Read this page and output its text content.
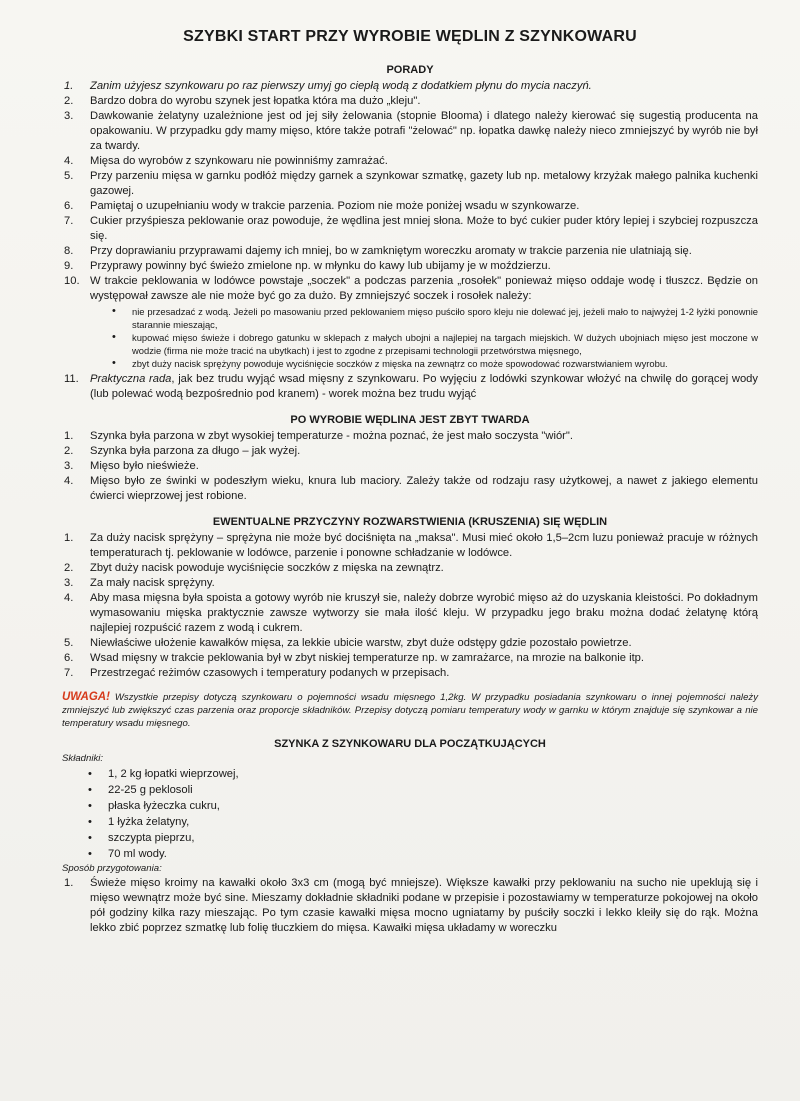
SZYBKI START PRZY WYROBIE WĘDLIN Z SZYNKOWARU
PORADY
1. Zanim użyjesz szynkowaru po raz pierwszy umyj go ciepłą wodą z dodatkiem płynu do mycia naczyń.
2. Bardzo dobra do wyrobu szynek jest łopatka która ma dużo „kleju".
3. Dawkowanie żelatyny uzależnione jest od jej siły żelowania (stopnie Blooma) i dlatego należy kierować się sugestią producenta na opakowaniu. W przypadku gdy mamy mięso, które także potrafi "żelować" np. łopatka dawkę należy nieco zmniejszyć by wyrób nie był za twardy.
4. Mięsa do wyrobów z szynkowaru nie powinniśmy zamrażać.
5. Przy parzeniu mięsa w garnku podłóż między garnek a szynkowar szmatkę, gazety lub np. metalowy krzyżak małego palnika kuchenki gazowej.
6. Pamiętaj o uzupełnianiu wody w trakcie parzenia. Poziom nie może poniżej wsadu w szynkowarze.
7. Cukier przyśpiesza peklowanie oraz powoduje, że wędlina jest mniej słona. Może to być cukier puder który lepiej i szybciej rozpuszcza się.
8. Przy doprawianiu przyprawami dajemy ich mniej, bo w zamkniętym woreczku aromaty w trakcie parzenia nie ulatniają się.
9. Przyprawy powinny być świeżo zmielone np. w młynku do kawy lub ubijamy je w moździerzu.
10. W trakcie peklowania w lodówce powstaje „soczek" a podczas parzenia „rosołek" ponieważ mięso oddaje wodę i tłuszcz. Będzie on występował zawsze ale nie może być go za dużo. By zmniejszyć soczek i rosołek należy:
• nie przesadzać z wodą. Jeżeli po masowaniu przed peklowaniem mięso puściło sporo kleju nie dolewać jej, jeżeli mało to najwyżej 1-2 łyżki ponownie starannie mieszając,
• kupować mięso świeże i dobrego gatunku w sklepach z małych ubojni a najlepiej na targach miejskich. W dużych ubojniach mięso jest moczone w wodzie (firma nie może tracić na ubytkach) i jest to zgodne z przepisami technologii przetwórstwa mięsnego,
• zbyt duży nacisk sprężyny powoduje wyciśnięcie soczków z mięska na zewnątrz co może spowodować rozwarstwianiem wyrobu.
11. Praktyczna rada, jak bez trudu wyjąć wsad mięsny z szynkowaru. Po wyjęciu z lodówki szynkowar włożyć na chwilę do gorącej wody (lub polewać wodą bezpośrednio pod kranem) - worek można bez trudu wyjąć
PO WYROBIE WĘDLINA JEST ZBYT TWARDA
1. Szynka była parzona w zbyt wysokiej temperaturze - można poznać, że jest mało soczysta "wiór".
2. Szynka była parzona za długo – jak wyżej.
3. Mięso było nieświeże.
4. Mięso było ze świnki w podeszłym wieku, knura lub maciory. Zależy także od rodzaju rasy użytkowej, a nawet z jakiego elementu ćwierci wieprzowej jest robione.
EWENTUALNE PRZYCZYNY ROZWARSTWIENIA (KRUSZENIA) SIĘ WĘDLIN
1. Za duży nacisk sprężyny – sprężyna nie może być dociśnięta na „maksa". Musi mieć około 1,5–2cm luzu ponieważ pracuje w różnych temperaturach tj. peklowanie w lodówce, parzenie i ponowne schładzanie w lodówce.
2. Zbyt duży nacisk powoduje wyciśnięcie soczków z mięska na zewnątrz.
3. Za mały nacisk sprężyny.
4. Aby masa mięsna była spoista a gotowy wyrób nie kruszył sie, należy dobrze wyrobić mięso aż do uzyskania kleistości. Po dokładnym wymasowaniu mięska praktycznie zawsze wytworzy sie mała ilość kleju. W przypadku jego braku można dodać żelatynę którą najlepiej rozpuścić razem z wodą i cukrem.
5. Niewłaściwe ułożenie kawałków mięsa, za lekkie ubicie warstw, zbyt duże odstępy gdzie pozostało powietrze.
6. Wsad mięsny w trakcie peklowania był w zbyt niskiej temperaturze np. w zamrażarce, na mrozie na balkonie itp.
7. Przestrzegać reżimów czasowych i temperatury podanych w przepisach.

UWAGA! Wszystkie przepisy dotyczą szynkowaru o pojemności wsadu mięsnego 1,2kg. W przypadku posiadania szynkowaru o innej pojemności należy zmniejszyć lub zwiększyć czas parzenia oraz proporcje składników. Przepisy dotyczą pomiaru temperatury wody w garnku w którym znajduje się szynkowar a nie temperatury wsadu mięsnego.

SZYNKA Z SZYNKOWARU DLA POCZĄTKUJĄCYCH
Składniki:
• 1, 2 kg łopatki wieprzowej,
• 22-25 g peklosoli
• płaska łyżeczka cukru,
• 1 łyżka żelatyny,
• szczypta pieprzu,
• 70 ml wody.
Sposób przygotowania:
1. Świeże mięso kroimy na kawałki około 3x3 cm (mogą być mniejsze). Większe kawałki przy peklowaniu na sucho nie upeklują się i mięso wewnątrz może być sine. Mieszamy dokładnie składniki podane w przepisie i pozostawiamy w temperaturze pokojowej na około pół godziny kilka razy mieszając. Po tym czasie kawałki mięsa mocno ugniatamy by puściły soczki i lekko kleiły się do rąk. Można lekko zbić poprzez szmatkę lub folię tłuczkiem do mięsa. Kawałki mięsa układamy w woreczku
